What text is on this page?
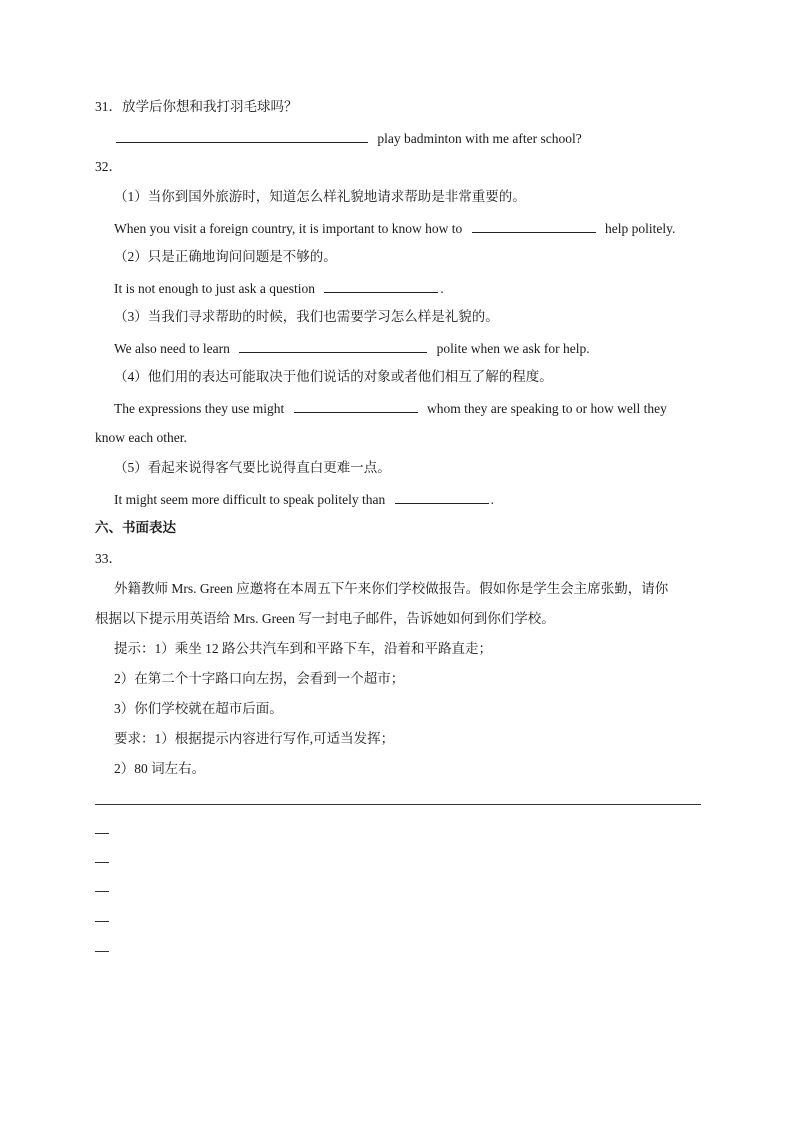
31．放学后你想和我打羽毛球吗？
play badminton with me after school?
32．
（1）当你到国外旅游时，知道怎么样礼貌地请求帮助是非常重要的。
When you visit a foreign country, it is important to know how to	help politely.
（2）只是正确地询问问题是不够的。
It is not enough to just ask a question	.
（3）当我们寻求帮助的时候，我们也需要学习怎么样是礼貌的。
We also need to learn	polite when we ask for help.
（4）他们用的表达可能取决于他们说话的对象或者他们相互了解的程度。
The expressions they use might	whom they are speaking to or how well they
know each other.
（5）看起来说得客气要比说得直白更难一点。
It might seem more difficult to speak politely than	.
六、书面表达
33．
外籍教师 Mrs. Green 应邀将在本周五下午来你们学校做报告。假如你是学生会主席张勤，请你
根据以下提示用英语给 Mrs. Green 写一封电子邮件，告诉她如何到你们学校。
提示：1）乘坐 12 路公共汽车到和平路下车，沿着和平路直走；
2）在第二个十字路口向左拐，会看到一个超市；
3）你们学校就在超市后面。
要求：1）根据提示内容进行写作,可适当发挥；
2）80 词左右。
